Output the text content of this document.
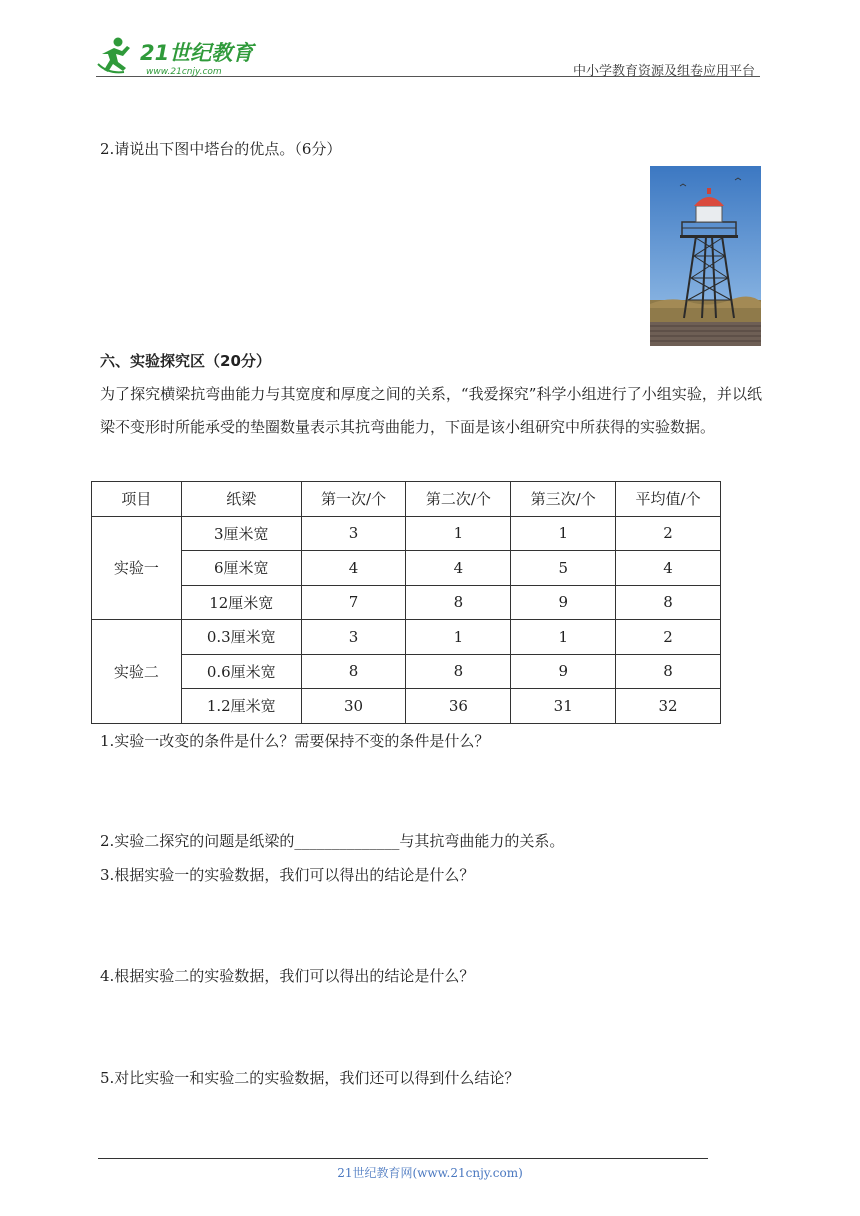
21世纪教育
www.21cnjy.com	中小学教育资源及组卷应用平台
2.请说出下图中塔台的优点。（6分）
六、实验探究区（20分）
为了探究横梁抗弯曲能力与其宽度和厚度之间的关系，“我爱探究”科学小组进行了小组实验，并以纸梁不变形时所能承受的垫圈数量表示其抗弯曲能力，下面是该小组研究中所获得的实验数据。
项目	纸梁	第一次/个	第二次/个	第三次/个	平均值/个
实验一	3厘米宽	3	1	1	2
	6厘米宽	4	4	5	4
	12厘米宽	7	8	9	8
实验二	0.3厘米宽	3	1	1	2
	0.6厘米宽	8	8	9	8
	1.2厘米宽	30	36	31	32
1.实验一改变的条件是什么？需要保持不变的条件是什么？
2.实验二探究的问题是纸梁的______________与其抗弯曲能力的关系。
3.根据实验一的实验数据，我们可以得出的结论是什么？
4.根据实验二的实验数据，我们可以得出的结论是什么？
5.对比实验一和实验二的实验数据，我们还可以得到什么结论？
21世纪教育网(www.21cnjy.com)
